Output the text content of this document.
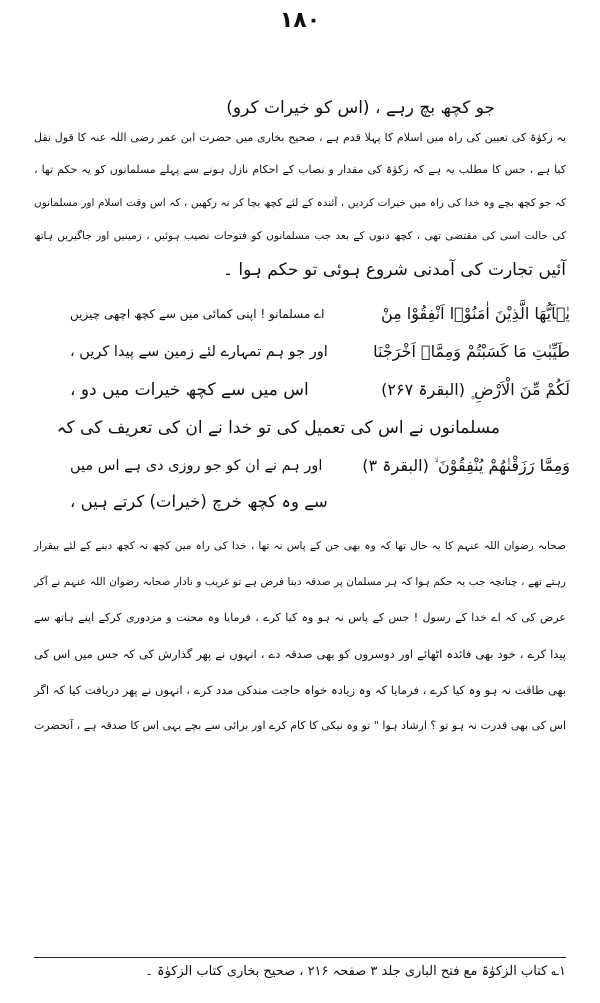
۱۸۰
جو کچھ بچ رہے ، (اس کو خیرات کرو)
یہ زکوٰۃ کی تعیین کی راہ میں اسلام کا پہلا قدم ہے ، صحیح بخاری میں حضرت ابن عمر رضی اللہ عنہ کا قول نقل
کیا ہے ، جس کا مطلب یہ ہے کہ زکوٰۃ کی مقدار و نصاب کے احکام نازل ہونے سے پہلے مسلمانوں کو یہ حکم تھا ،
کہ جو کچھ بچے وہ خدا کی راہ میں خیرات کردیں ، آئندہ کے لئے کچھ بچا کر نہ رکھیں ، کہ اس وقت اسلام اور مسلمانوں
کی حالت اسی کی مقتضی تھی ، کچھ دنوں کے بعد جب مسلمانوں کو فتوحات نصیب ہوئیں ، زمینیں اور جاگیریں ہاتھ
آئیں تجارت کی آمدنی شروع ہوئی تو حکم ہوا ۔
یٰۤاَیُّهَا الَّذِیْنَ اٰمَنُوْۤا اَنْفِقُوْا مِنْ
اے مسلمانو ! اپنی کمائی میں سے کچھ اچھی چیزیں
طَیِّبٰتِ مَا كَسَبْتُمْ وَمِمَّاۤ اَخْرَجْنَا
اور جو ہم تمہارے لئے زمین سے پیدا کریں ،
لَكُمْ مِّنَ الْاَرْضِ ۪ (البقرۃ ۲۶۷)
اس میں سے کچھ خیرات میں دو ،
مسلمانوں نے اس کی تعمیل کی تو خدا نے ان کی تعریف کی کہ
وَمِمَّا رَزَقْنٰهُمْ یُنْفِقُوْنَ ۙ (البقرۃ ۳)
اور ہم نے ان کو جو روزی دی ہے اس میں
سے وہ کچھ خرچ (خیرات) کرتے ہیں ،
صحابہ رضوان اللہ عنہم کا یہ حال تھا کہ وہ بھی جن کے پاس نہ تھا ، خدا کی راہ میں کچھ نہ کچھ دینے کے لئے بیقرار
رہتے تھے ، چنانچہ جب یہ حکم ہوا کہ ہر مسلمان پر صدقہ دینا فرض ہے تو غریب و نادار صحابہ رضوان اللہ عنہم نے آکر
عرض کی کہ اے خدا کے رسول ! جس کے پاس نہ ہو وہ کیا کرے ، فرمایا وہ محنت و مزدوری کرکے اپنے ہاتھ سے
پیدا کرے ، خود بھی فائدہ اٹھائے اور دوسروں کو بھی صدقہ دے ، انہوں نے پھر گذارش کی کہ جس میں اس کی
بھی طاقت نہ ہو وہ کیا کرے ، فرمایا کہ وہ زیادہ خواہ حاجت مندکی مدد کرے ، انہوں نے پھر دریافت کیا کہ اگر
اس کی بھی قدرت نہ ہو تو ؟ ارشاد ہوا " تو وہ نیکی کا کام کرے اور برائی سے بچے یہی اس کا صدقہ ہے ، آنحضرت
۱؎ کتاب الزکوٰۃ مع فتح الباری جلد ۳ صفحہ ۲۱۶ ، صحیح بخاری کتاب الزکوٰۃ ۔
